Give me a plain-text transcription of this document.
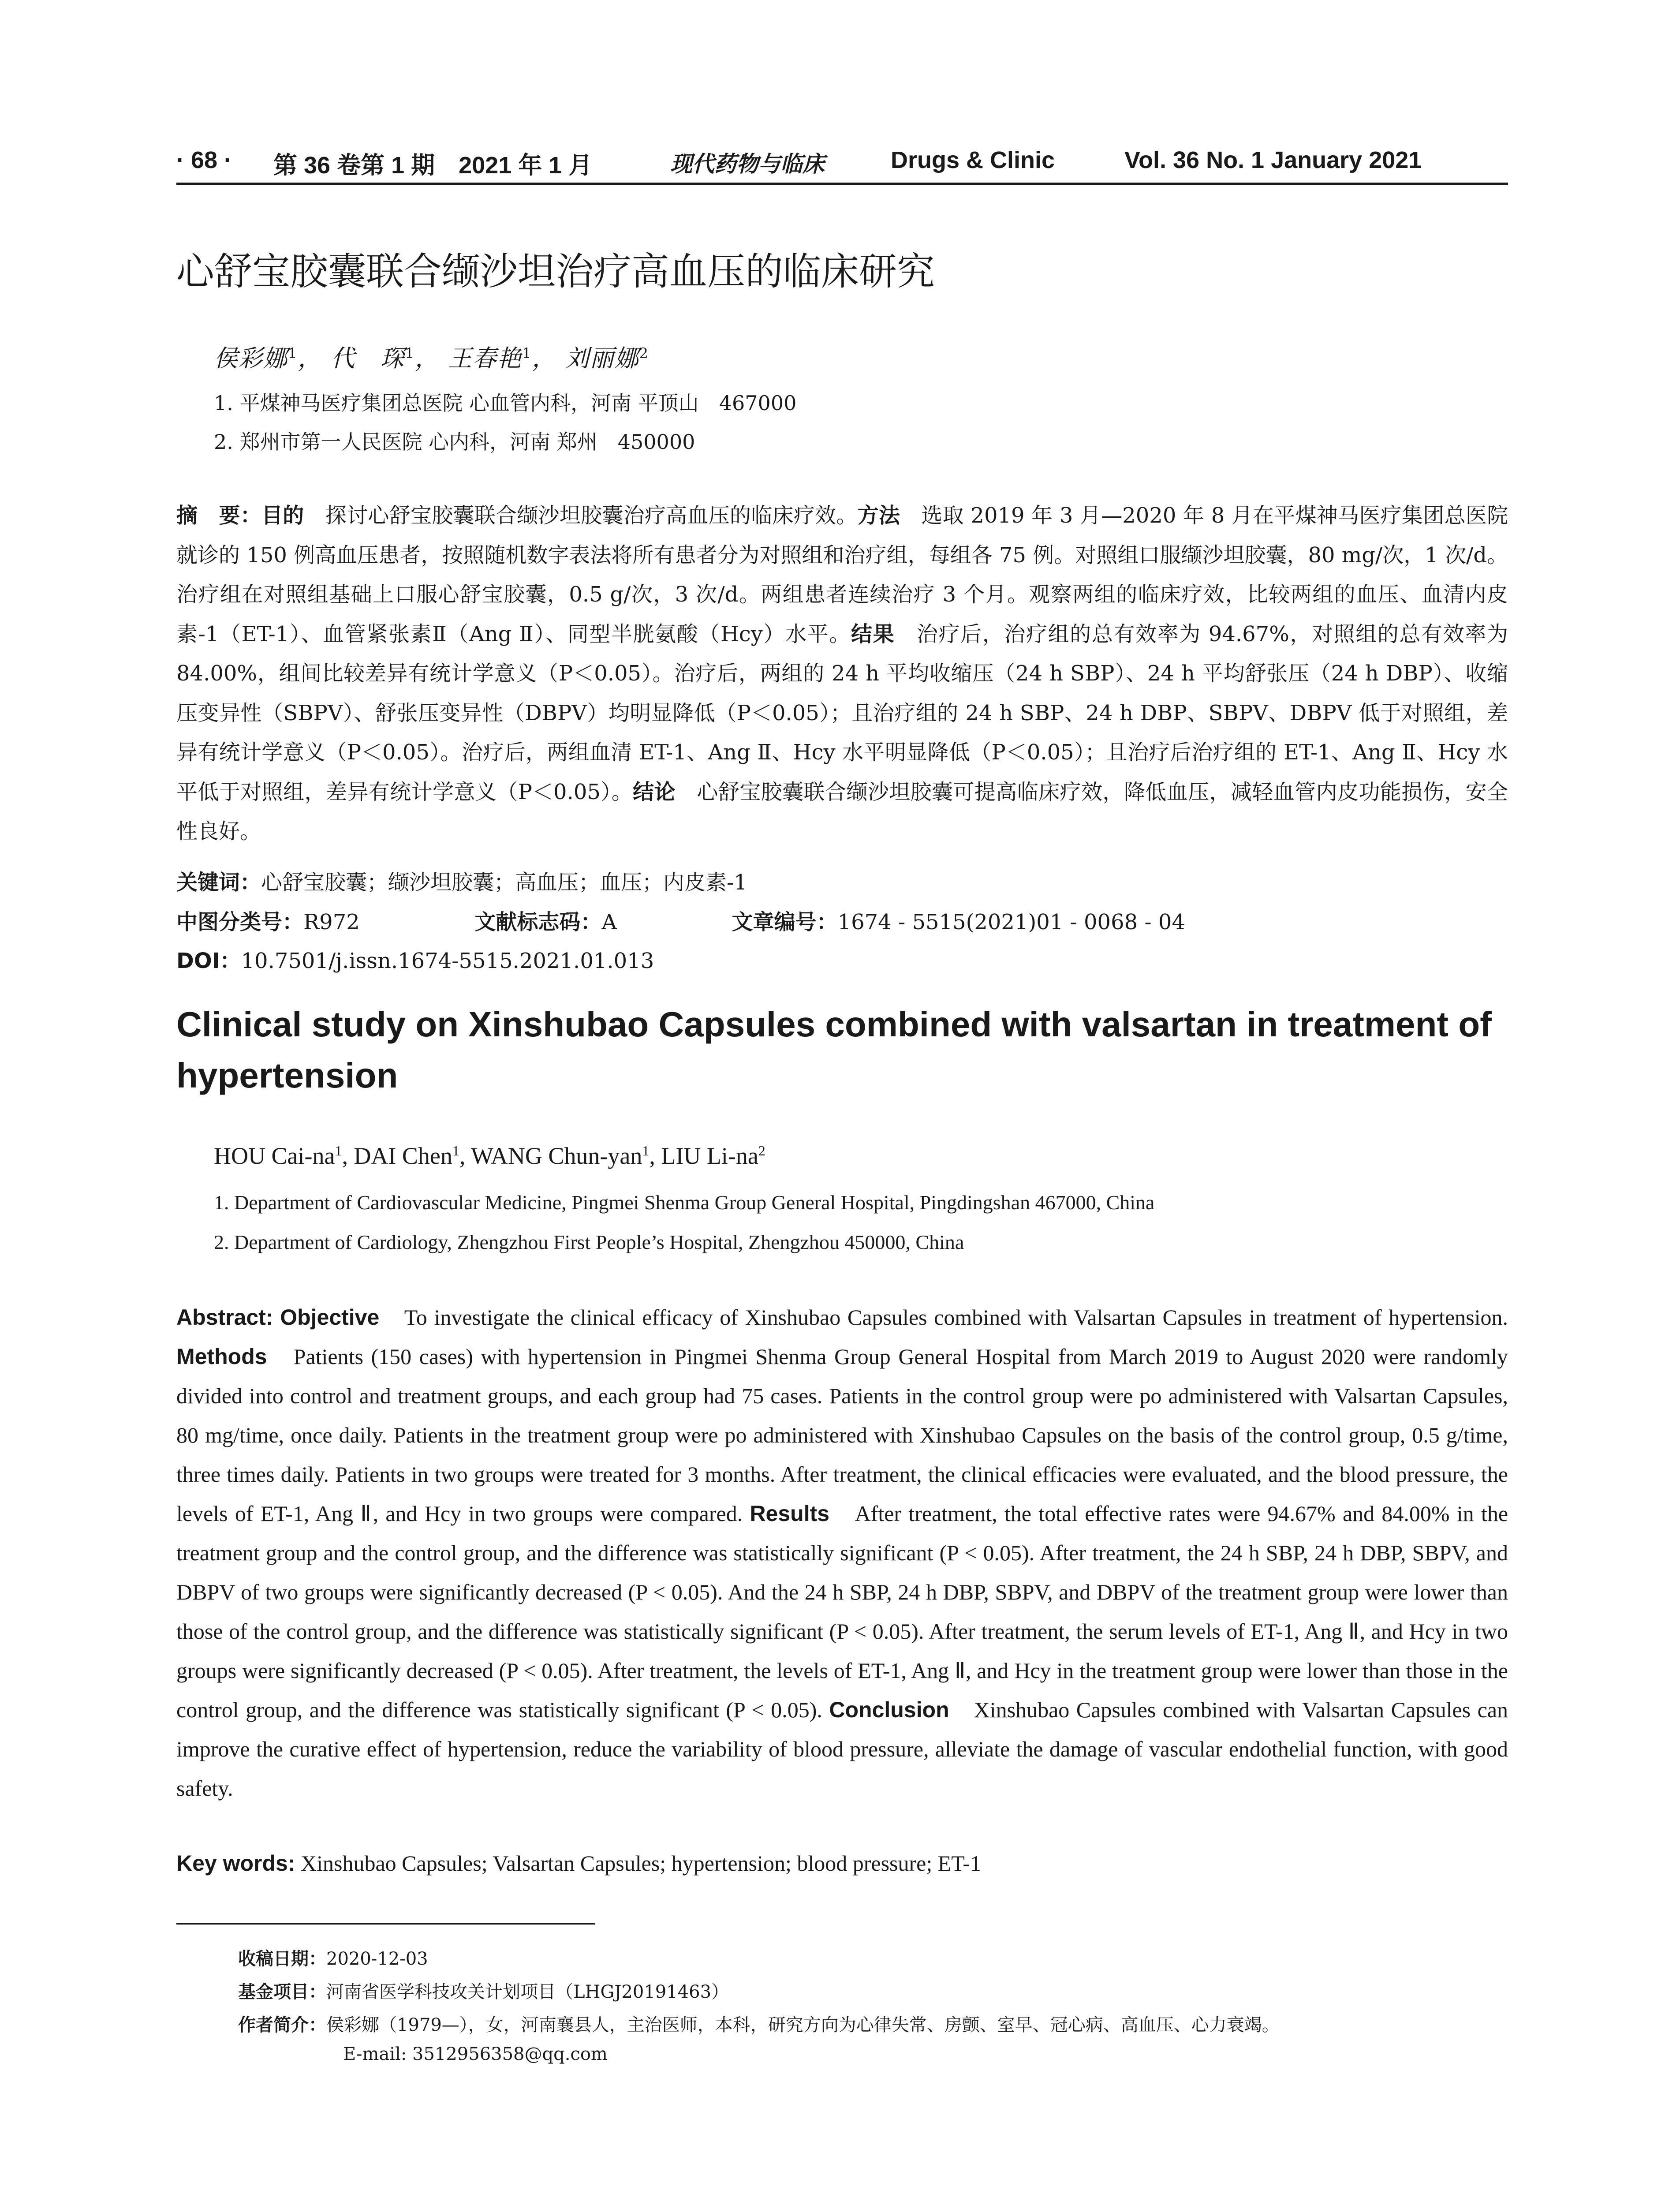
· 68 · 第 36 卷第 1 期　2021 年 1 月	现代药物与临床	Drugs & Clinic	Vol. 36 No. 1 January 2021
心舒宝胶囊联合缬沙坦治疗高血压的临床研究
侯彩娜$^1$， 代　琛$^1$， 王春艳$^1$， 刘丽娜$^2$
1. 平煤神马医疗集团总医院 心血管内科，河南 平顶山　467000
2. 郑州市第一人民医院 心内科，河南 郑州　450000

摘　要：目的　探讨心舒宝胶囊联合缬沙坦胶囊治疗高血压的临床疗效。方法　选取 2019 年 3 月—2020 年 8 月在平煤神马医疗集团总医院就诊的 150 例高血压患者，按照随机数字表法将所有患者分为对照组和治疗组，每组各 75 例。对照组口服缬沙坦胶囊，80 mg/次，1 次/d。治疗组在对照组基础上口服心舒宝胶囊，0.5 g/次，3 次/d。两组患者连续治疗 3 个月。观察两组的临床疗效，比较两组的血压、血清内皮素-1（ET-1）、血管紧张素Ⅱ（Ang Ⅱ）、同型半胱氨酸（Hcy）水平。结果　治疗后，治疗组的总有效率为 94.67%，对照组的总有效率为 84.00%，组间比较差异有统计学意义（P＜0.05）。治疗后，两组的 24 h 平均收缩压（24 h SBP）、24 h 平均舒张压（24 h DBP）、收缩压变异性（SBPV）、舒张压变异性（DBPV）均明显降低（P＜0.05）；且治疗组的 24 h SBP、24 h DBP、SBPV、DBPV 低于对照组，差异有统计学意义（P＜0.05）。治疗后，两组血清 ET-1、Ang Ⅱ、Hcy 水平明显降低（P＜0.05）；且治疗后治疗组的 ET-1、Ang Ⅱ、Hcy 水平低于对照组，差异有统计学意义（P＜0.05）。结论　心舒宝胶囊联合缬沙坦胶囊可提高临床疗效，降低血压，减轻血管内皮功能损伤，安全性良好。

关键词：心舒宝胶囊；缬沙坦胶囊；高血压；血压；内皮素-1
中图分类号：R972	文献标志码：A	文章编号：1674 - 5515(2021)01 - 0068 - 04
DOI：10.7501/j.issn.1674-5515.2021.01.013
Clinical study on Xinshubao Capsules combined with valsartan in treatment of hypertension
HOU Cai-$na^1$, DAI Chen$^1$, WANG Chun-yan$^1$, LIU $Li-na^2$
1. Department of Cardiovascular Medicine, Pingmei Shenma Group General Hospital, Pingdingshan 467000, China
2. Department of Cardiology, Zhengzhou First People’s Hospital, Zhengzhou 450000, China

Abstract: Objective　To investigate the clinical efficacy of Xinshubao Capsules combined with Valsartan Capsules in treatment of hypertension. Methods　Patients (150 cases) with hypertension in Pingmei Shenma Group General Hospital from March 2019 to August 2020 were randomly divided into control and treatment groups, and each group had 75 cases. Patients in the control group were po administered with Valsartan Capsules, 80 mg/time, once daily. Patients in the treatment group were po administered with Xinshubao Capsules on the basis of the control group, 0.5 g/time, three times daily. Patients in two groups were treated for 3 months. After treatment, the clinical efficacies were evaluated, and the blood pressure, the levels of ET-1, Ang Ⅱ, and Hcy in two groups were compared. Results　After treatment, the total effective rates were 94.67% and 84.00% in the treatment group and the control group, and the difference was statistically significant (P < 0.05). After treatment, the 24 h SBP, 24 h DBP, SBPV, and DBPV of two groups were significantly decreased (P < 0.05). And the 24 h SBP, 24 h DBP, SBPV, and DBPV of the treatment group were lower than those of the control group, and the difference was statistically significant (P < 0.05). After treatment, the serum levels of ET-1, Ang Ⅱ, and Hcy in two groups were significantly decreased (P < 0.05). After treatment, the levels of ET-1, Ang Ⅱ, and Hcy in the treatment group were lower than those in the control group, and the difference was statistically significant (P < 0.05). Conclusion　Xinshubao Capsules combined with Valsartan Capsules can improve the curative effect of hypertension, reduce the variability of blood pressure, alleviate the damage of vascular endothelial function, with good safety.

Key words: Xinshubao Capsules; Valsartan Capsules; hypertension; blood pressure; ET-1
收稿日期：2020-12-03
基金项目：河南省医学科技攻关计划项目（LHGJ20191463）
作者简介：侯彩娜（1979—），女，河南襄县人，主治医师，本科，研究方向为心律失常、房颤、室早、冠心病、高血压、心力衰竭。
E-mail: 3512956358@qq.com
